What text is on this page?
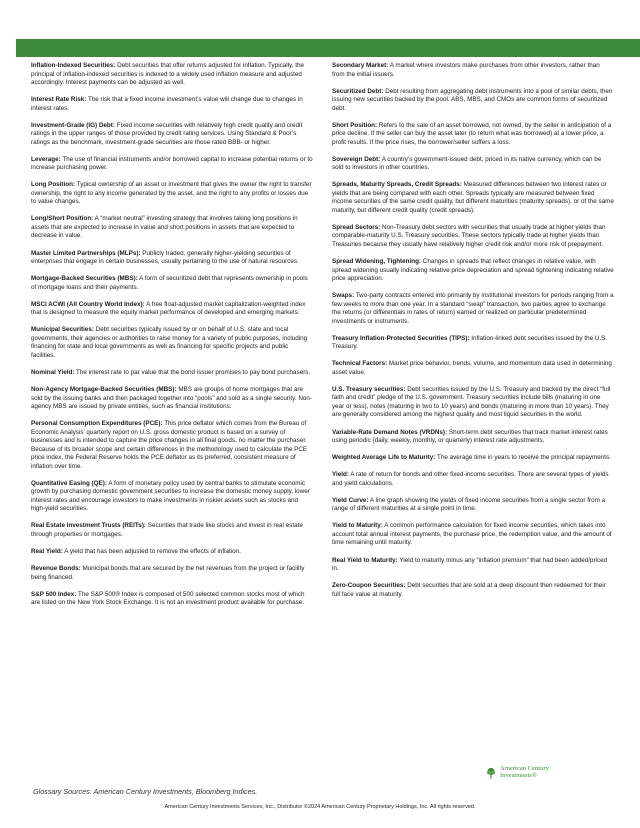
Inflation-Indexed Securities: Debt securities that offer returns adjusted for inflation. Typically, the principal of inflation-indexed securities is indexed to a widely used inflation measure and adjusted accordingly. Interest payments can be adjusted as well.

Interest Rate Risk: The risk that a fixed income investment’s value will change due to changes in interest rates.

Investment-Grade (IG) Debt: Fixed income securities with relatively high credit quality and credit ratings in the upper ranges of those provided by credit rating services. Using Standard & Poor’s ratings as the benchmark, investment-grade securities are those rated BBB- or higher.

Leverage: The use of financial instruments and/or borrowed capital to increase potential returns or to increase purchasing power.

Long Position: Typical ownership of an asset or investment that gives the owner the right to transfer ownership, the right to any income generated by the asset, and the right to any profits or losses due to value changes.

Long/Short Position: A “market neutral” investing strategy that involves taking long positions in assets that are expected to increase in value and short positions in assets that are expected to decrease in value.

Master Limited Partnerships (MLPs): Publicly traded, generally higher-yielding securities of enterprises that engage in certain businesses, usually pertaining to the use of natural resources.

Mortgage-Backed Securities (MBS): A form of securitized debt that represents ownership in pools of mortgage loans and their payments.

MSCI ACWI (All Country World Index): A free float-adjusted market capitalization-weighted index that is designed to measure the equity market performance of developed and emerging markets.

Municipal Securities: Debt securities typically issued by or on behalf of U.S. state and local governments, their agencies or authorities to raise money for a variety of public purposes, including financing for state and local governments as well as financing for specific projects and public facilities.

Nominal Yield: The interest rate to par value that the bond issuer promises to pay bond purchasers.

Non-Agency Mortgage-Backed Securities (MBS): MBS are groups of home mortgages that are sold by the issuing banks and then packaged together into “pools” and sold as a single security. Non-agency MBS are issued by private entities, such as financial institutions.

Personal Consumption Expenditures (PCE): This price deflator which comes from the Bureau of Economic Analysis’ quarterly report on U.S. gross domestic product is based on a survey of businesses and is intended to capture the price changes in all final goods, no matter the purchaser. Because of its broader scope and certain differences in the methodology used to calculate the PCE price index, the Federal Reserve holds the PCE deflator as its preferred, consistent measure of inflation over time.

Quantitative Easing (QE): A form of monetary policy used by central banks to stimulate economic growth by purchasing domestic government securities to increase the domestic money supply, lower interest rates and encourage investors to make investments in riskier assets such as stocks and high-yield securities.

Real Estate Investment Trusts (REITs): Securities that trade like stocks and invest in real estate through properties or mortgages.

Real Yield: A yield that has been adjusted to remove the effects of inflation.

Revenue Bonds: Municipal bonds that are secured by the net revenues from the project or facility being financed.

S&P 500 Index: The S&P 500® Index is composed of 500 selected common stocks most of which are listed on the New York Stock Exchange. It is not an investment product available for purchase.

Secondary Market: A market where investors make purchases from other investors, rather than from the initial issuers.

Securitized Debt: Debt resulting from aggregating debt instruments into a pool of similar debts, then issuing new securities backed by the pool. ABS, MBS, and CMOs are common forms of securitized debt.

Short Position: Refers to the sale of an asset borrowed, not owned, by the seller in anticipation of a price decline. If the seller can buy the asset later (to return what was borrowed) at a lower price, a profit results. If the price rises, the borrower/seller suffers a loss.

Sovereign Debt: A country’s government-issued debt, priced in its native currency, which can be sold to investors in other countries.

Spreads, Maturity Spreads, Credit Spreads: Measured differences between two interest rates or yields that are being compared with each other. Spreads typically are measured between fixed income securities of the same credit quality, but different maturities (maturity spreads), or of the same maturity, but different credit quality (credit spreads).

Spread Sectors: Non-Treasury debt sectors with securities that usually trade at higher yields than comparable-maturity U.S. Treasury securities. These sectors typically trade at higher yields than Treasuries because they usually have relatively higher credit risk and/or more risk of prepayment.

Spread Widening, Tightening: Changes in spreads that reflect changes in relative value, with spread widening usually indicating relative price depreciation and spread tightening indicating relative price appreciation.

Swaps: Two-party contracts entered into primarily by institutional investors for periods ranging from a few weeks to more than one year. In a standard “swap” transaction, two parties agree to exchange the returns (or differentials in rates of return) earned or realized on particular predetermined investments or instruments.

Treasury Inflation-Protected Securities (TIPS): Inflation-linked debt securities issued by the U.S. Treasury.

Technical Factors: Market price behavior, trends, volume, and momentum data used in determining asset value.

U.S. Treasury securities: Debt securities issued by the U.S. Treasury and backed by the direct “full faith and credit” pledge of the U.S. government. Treasury securities include bills (maturing in one year or less), notes (maturing in two to 10 years) and bonds (maturing in more than 10 years). They are generally considered among the highest quality and most liquid securities in the world.

Variable-Rate Demand Notes (VRDNs): Short-term debt securities that track market interest rates using periodic (daily, weekly, monthly, or quarterly) interest rate adjustments.

Weighted Average Life to Maturity: The average time in years to receive the principal repayments.

Yield: A rate of return for bonds and other fixed-income securities. There are several types of yields and yield calculations.

Yield Curve: A line graph showing the yields of fixed income securities from a single sector from a range of different maturities at a single point in time.

Yield to Maturity: A common performance calculation for fixed income securities, which takes into account total annual interest payments, the purchase price, the redemption value, and the amount of time remaining until maturity.

Real Yield to Maturity: Yield to maturity minus any “inflation premium” that had been added/priced in.

Zero-Coupon Securities: Debt securities that are sold at a deep discount then redeemed for their full face value at maturity.

Glossary Sources: American Century Investments, Bloomberg Indices.
American Century
Investments®
American Century Investments Services, Inc., Distributor ©2024 American Century Proprietary Holdings, Inc. All rights reserved.
